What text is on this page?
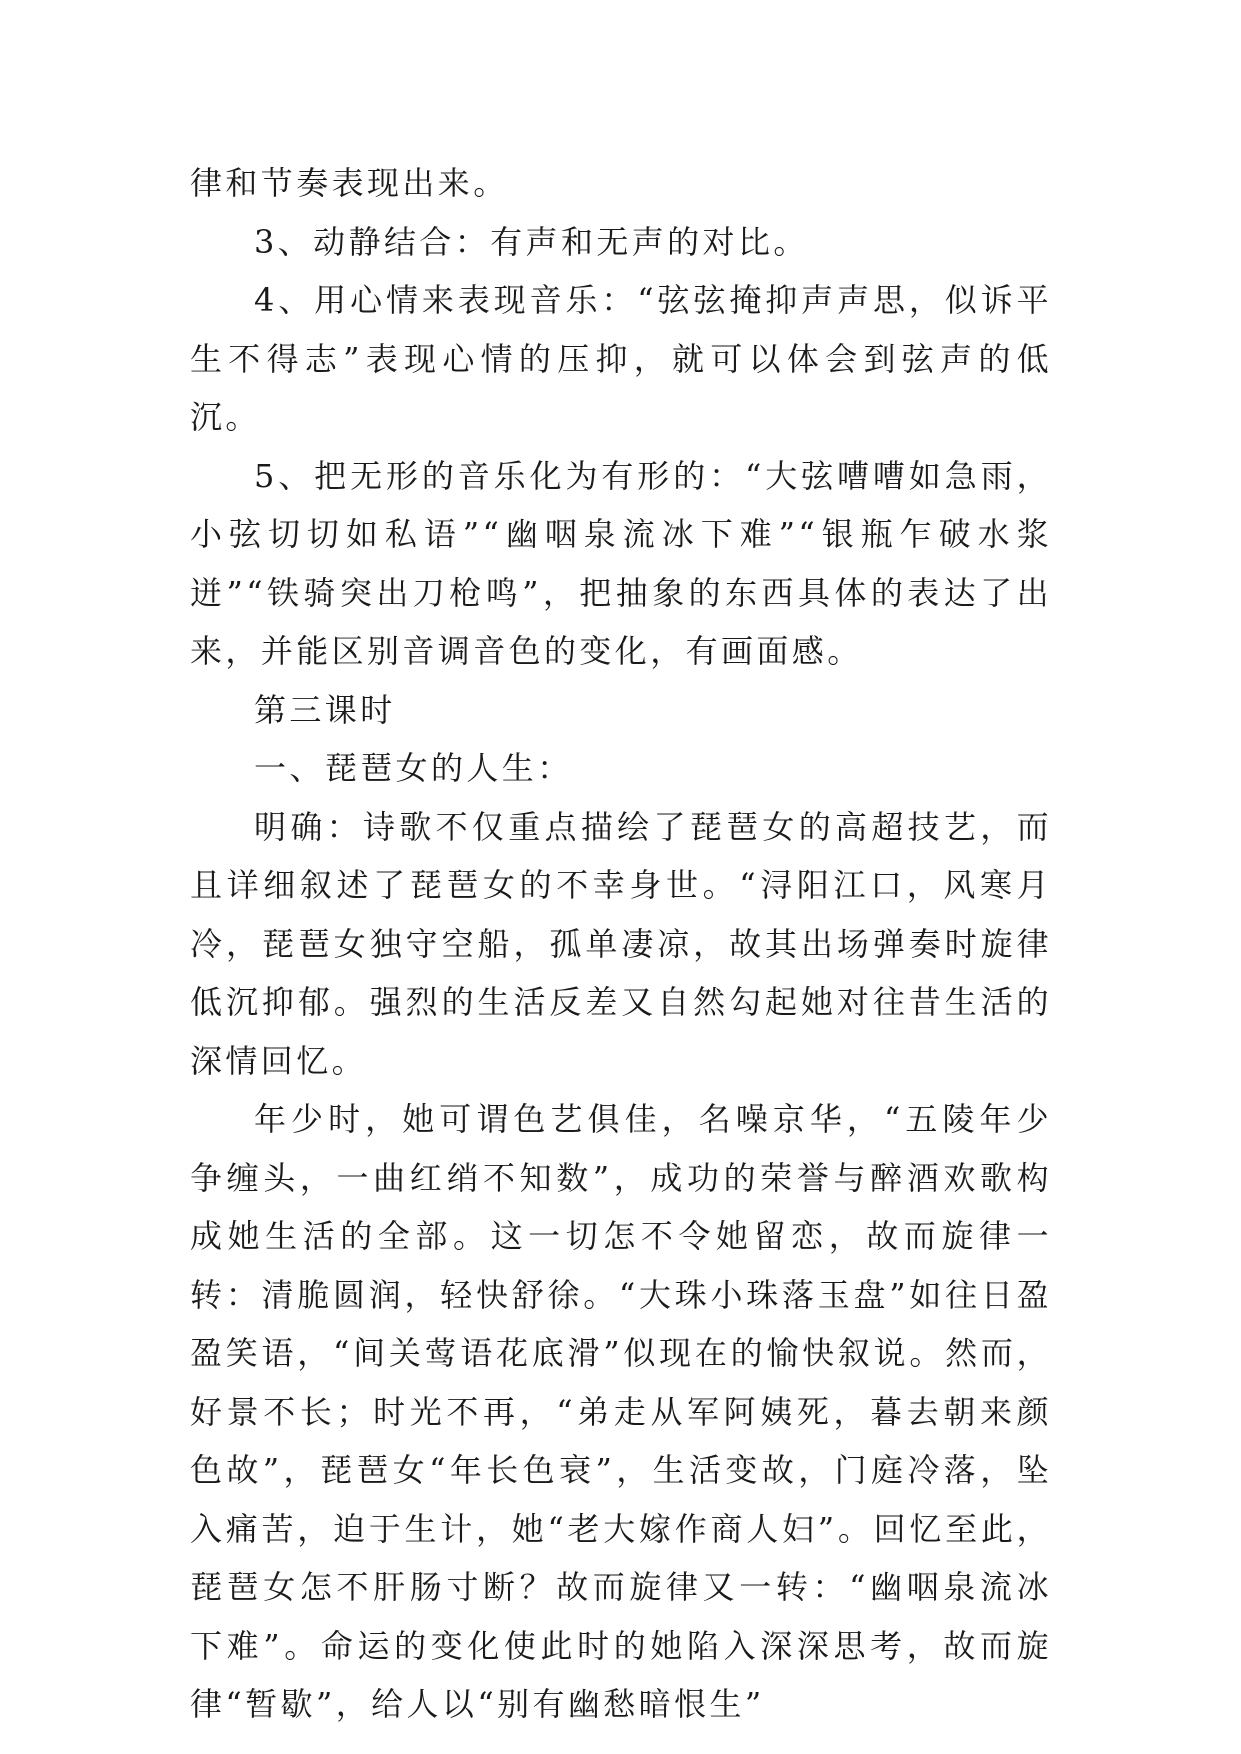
律和节奏表现出来。

3、动静结合：有声和无声的对比。

4、用心情来表现音乐：“弦弦掩抑声声思，似诉平生不得志”表现心情的压抑，就可以体会到弦声的低沉。

5、把无形的音乐化为有形的：“大弦嘈嘈如急雨，小弦切切如私语”“幽咽泉流冰下难”“银瓶乍破水浆迸”“铁骑突出刀枪鸣”，把抽象的东西具体的表达了出来，并能区别音调音色的变化，有画面感。

第三课时

一、琵琶女的人生：

明确：诗歌不仅重点描绘了琵琶女的高超技艺，而且详细叙述了琵琶女的不幸身世。“浔阳江口，风寒月冷，琵琶女独守空船，孤单凄凉，故其出场弹奏时旋律低沉抑郁。强烈的生活反差又自然勾起她对往昔生活的深情回忆。

年少时，她可谓色艺俱佳，名噪京华，“五陵年少争缠头，一曲红绡不知数”，成功的荣誉与醉酒欢歌构成她生活的全部。这一切怎不令她留恋，故而旋律一转：清脆圆润，轻快舒徐。“大珠小珠落玉盘”如往日盈盈笑语，“间关莺语花底滑”似现在的愉快叙说。然而，好景不长；时光不再，“弟走从军阿姨死，暮去朝来颜色故”，琵琶女“年长色衰”，生活变故，门庭冷落，坠入痛苦，迫于生计，她“老大嫁作商人妇”。回忆至此，琵琶女怎不肝肠寸断？故而旋律又一转：“幽咽泉流冰下难”。命运的变化使此时的她陷入深深思考，故而旋律“暂歇”，给人以“别有幽愁暗恨生”
